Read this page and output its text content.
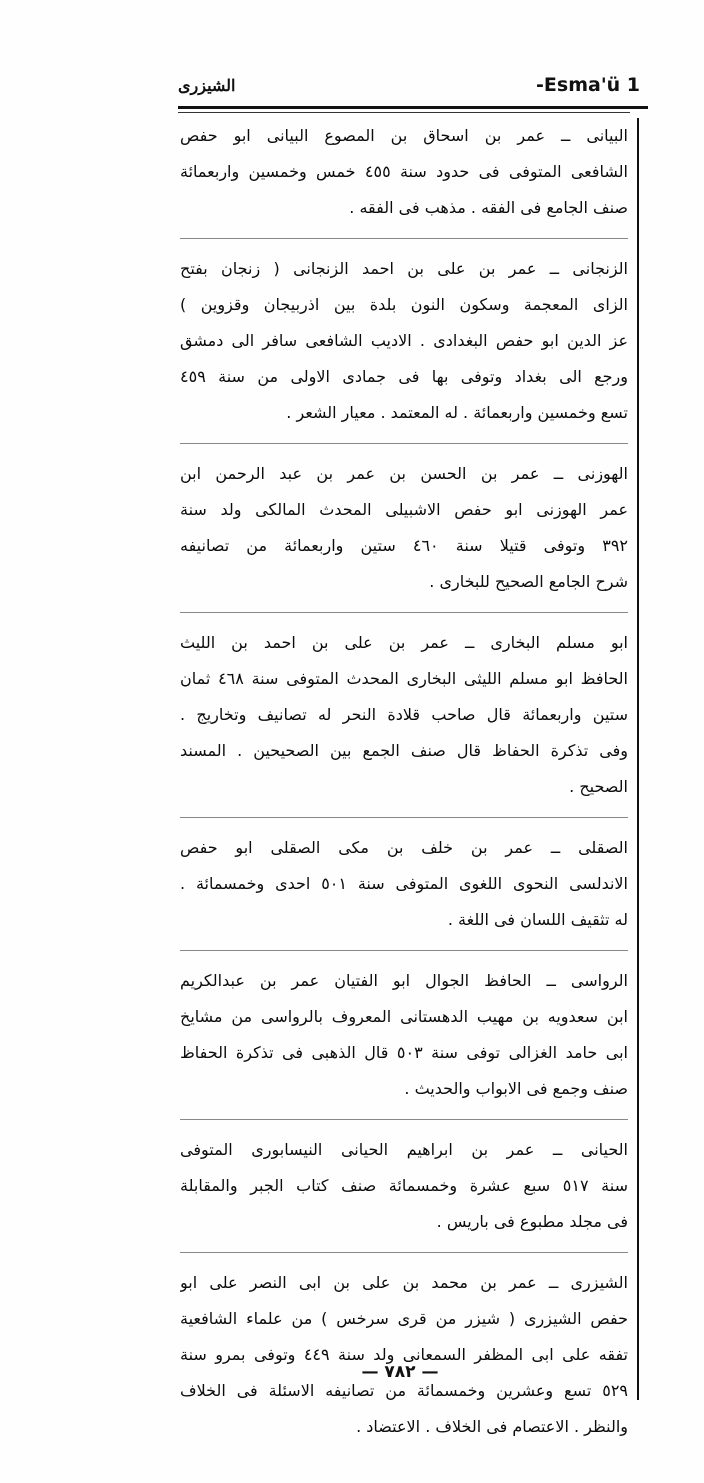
الشيزرى	Esma'ü 1-
البيانی ــ عمر بن اسحاق بن المصوع البيانی ابو حفص
الشافعی المتوفی فی حدود سنة ٤٥٥ خمس وخمسين واربعمائة
صنف الجامع فی الفقه . مذهب فی الفقه .
الزنجانی ــ عمر بن علی بن احمد الزنجانی ( زنجان بفتح
الزای المعجمة وسكون النون بلدة بين اذربيجان وقزوين )
عز الدين ابو حفص البغدادی . الاديب الشافعی سافر الی دمشق
ورجع الی بغداد وتوفی بها فی جمادی الاولی من سنة ٤٥٩
تسع وخمسين واربعمائة . له المعتمد . معيار الشعر .
الهوزنی ــ عمر بن الحسن بن عمر بن عبد الرحمن ابن
عمر الهوزنی ابو حفص الاشبيلی المحدث المالكی ولد سنة
٣٩٢ وتوفی قتيلا سنة ٤٦٠ ستين واربعمائة من تصانيفه
شرح الجامع الصحيح للبخاری .
ابو مسلم البخاری ــ عمر بن علی بن احمد بن الليث
الحافظ ابو مسلم الليثی البخاری المحدث المتوفی سنة ٤٦٨ ثمان
ستين واربعمائة قال صاحب قلادة النحر له تصانيف وتخاريج .
وفی تذكرة الحفاظ قال صنف الجمع بين الصحيحين . المسند
الصحيح .
الصقلی ــ عمر بن خلف بن مكی الصقلی ابو حفص
الاندلسی النحوی اللغوی المتوفی سنة ٥٠١ احدی وخمسمائة .
له تثقيف اللسان فی اللغة .
الرواسی ــ الحافظ الجوال ابو الفتيان عمر بن عبدالكريم
ابن سعدويه بن مهيب الدهستانی المعروف بالرواسی من مشايخ
ابی حامد الغزالی توفی سنة ٥٠٣ قال الذهبی فی تذكرة الحفاظ
صنف وجمع فی الابواب والحديث .
الحيانی ــ عمر بن ابراهيم الحيانی النيسابوری المتوفی
سنة ٥١٧ سبع عشرة وخمسمائة صنف كتاب الجبر والمقابلة
فی مجلد مطبوع فی باريس .
الشيزری ــ عمر بن محمد بن علی بن ابی النصر علی ابو
حفص الشيزری ( شيزر من قری سرخس ) من علماء الشافعية
تفقه علی ابی المظفر السمعانی ولد سنة ٤٤٩ وتوفی بمرو سنة
٥٢٩ تسع وعشرين وخمسمائة من تصانيفه الاسئلة فی الخلاف
والنظر . الاعتصام فی الخلاف . الاعتضاد .
— ٧٨٢ —
